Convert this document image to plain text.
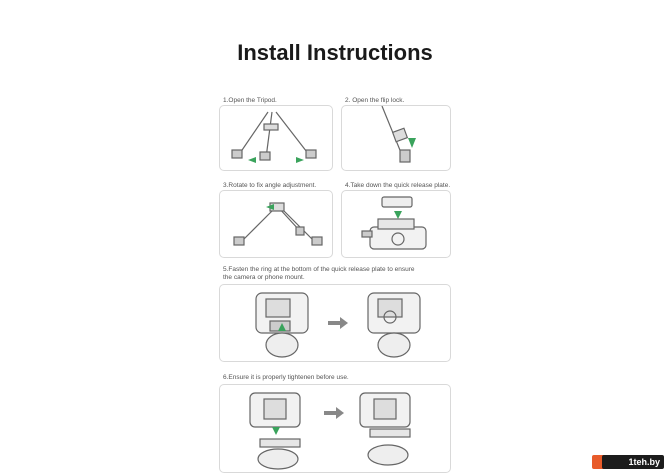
Install Instructions
1.Open the Tripod.	2. Open the flip lock.
3.Rotate to fix angle adjustment.	4.Take down the quick release plate.
5.Fasten the ring at the bottom of the quick release plate to ensure the camera or phone mount.
6.Ensure it is properly tightenen before use.
1teh.by
